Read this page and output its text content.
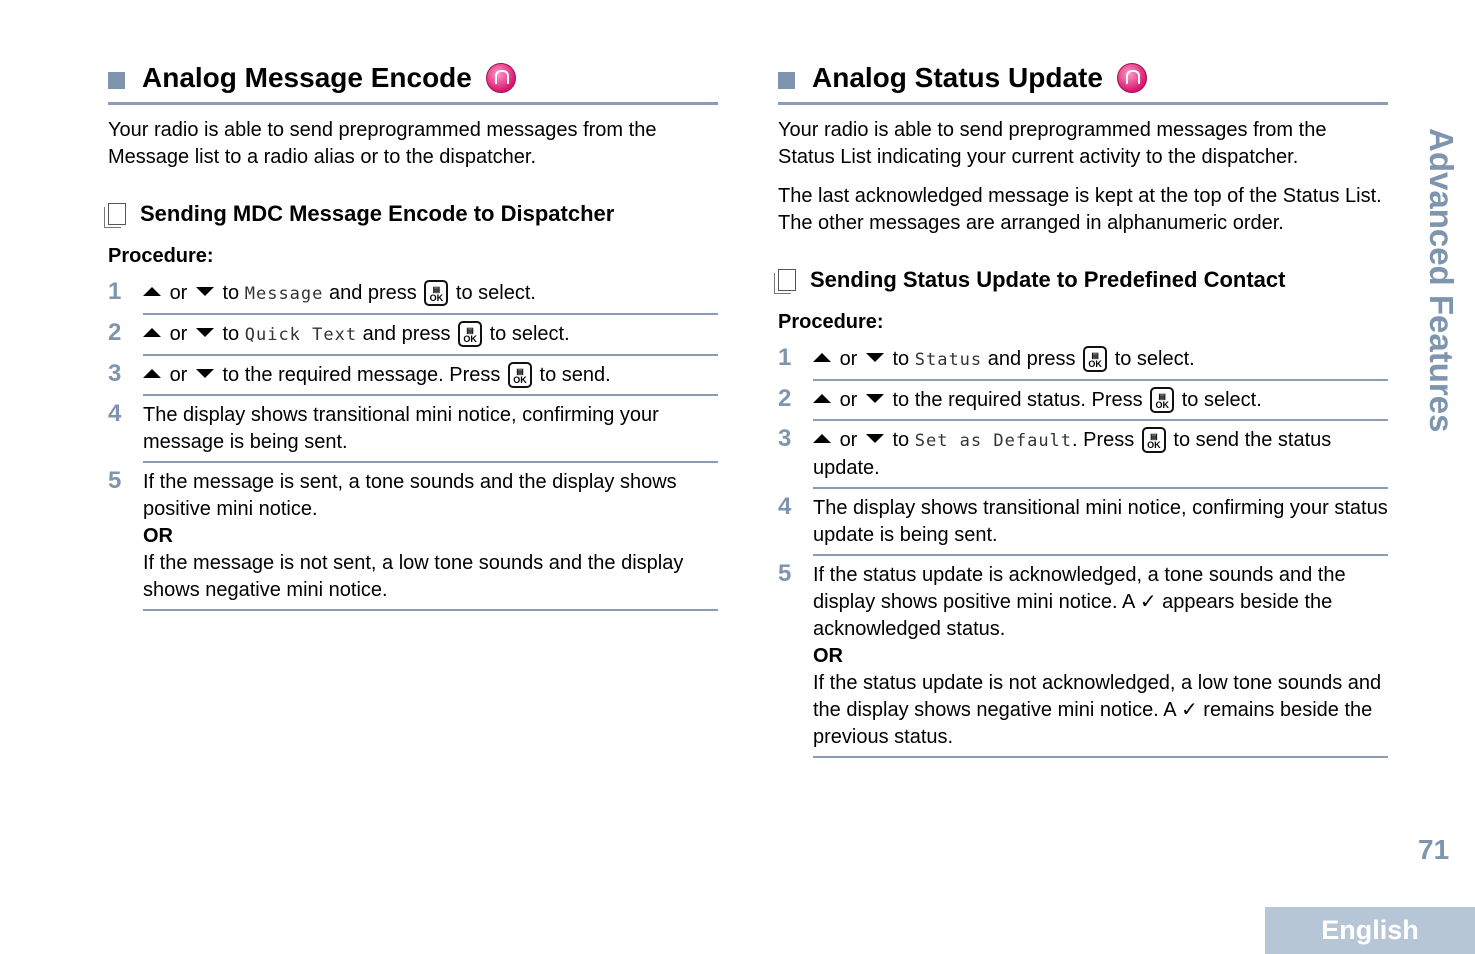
Analog Message Encode

Your radio is able to send preprogrammed messages from the Message list to a radio alias or to the dispatcher.

Sending MDC Message Encode to Dispatcher
Procedure:
1	or to Message and press ▤ OK to select.
2	or to Quick Text and press ▤ OK to select.
3	or to the required message. Press ▤ OK to send.
4 The display shows transitional mini notice, confirming your message is being sent.
5 If the message is sent, a tone sounds and the display shows positive mini notice.
OR
If the message is not sent, a low tone sounds and the display shows negative mini notice.
Analog Status Update

Your radio is able to send preprogrammed messages from the Status List indicating your current activity to the dispatcher.

The last acknowledged message is kept at the top of the Status List. The other messages are arranged in alphanumeric order.

Sending Status Update to Predefined Contact
Procedure:
1	or to Status and press ▤ OK to select.
2	or to the required status. Press ▤ OK to select.
3	or to Set as Default. Press ▤ OK to send the status update.
4 The display shows transitional mini notice, confirming your status update is being sent.
5 If the status update is acknowledged, a tone sounds and the display shows positive mini notice. A ✓ appears beside the acknowledged status.
OR
If the status update is not acknowledged, a low tone sounds and the display shows negative mini notice. A ✓ remains beside the previous status.
Advanced Features
71
English
